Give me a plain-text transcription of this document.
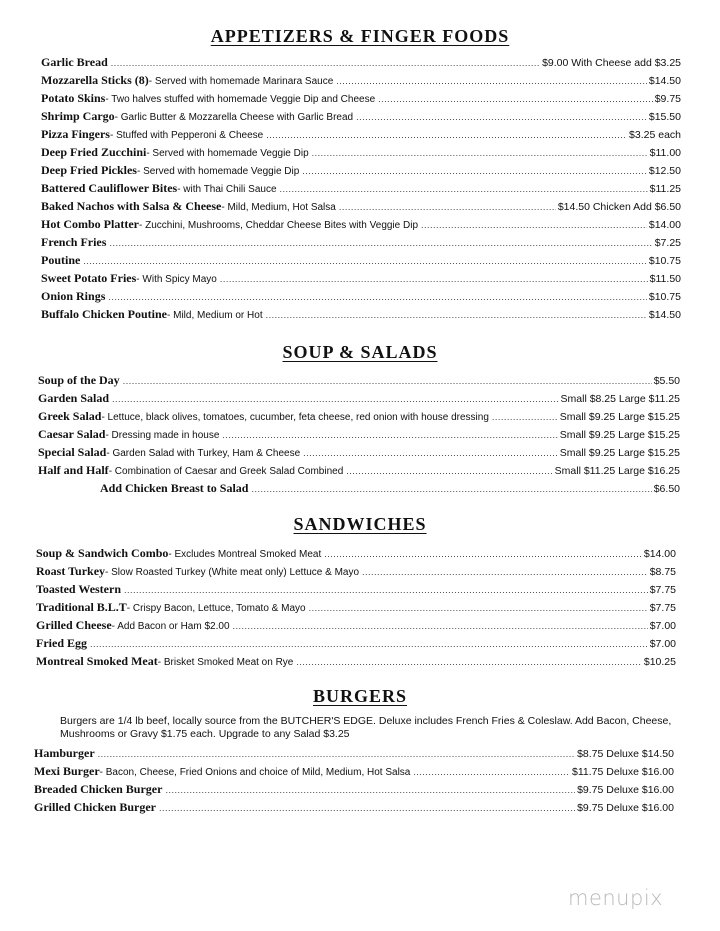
APPETIZERS & FINGER FOODS
Garlic Bread .....	$9.00 With Cheese add $3.25
Mozzarella Sticks (8) - Served with homemade Marinara Sauce .....	$14.50
Potato Skins - Two halves stuffed with homemade Veggie Dip and Cheese .....	$9.75
Shrimp Cargo - Garlic Butter & Mozzarella Cheese with Garlic Bread .....	$15.50
Pizza Fingers - Stuffed with Pepperoni & Cheese .....	$3.25 each
Deep Fried Zucchini - Served with homemade Veggie Dip .....	$11.00
Deep Fried Pickles - Served with homemade Veggie Dip .....	$12.50
Battered Cauliflower Bites - with Thai Chili Sauce .....	$11.25
Baked Nachos with Salsa & Cheese - Mild, Medium, Hot Salsa .....	$14.50 Chicken Add $6.50
Hot Combo Platter - Zucchini, Mushrooms, Cheddar Cheese Bites with Veggie Dip .....	$14.00
French Fries .....	$7.25
Poutine .....	$10.75
Sweet Potato Fries - With Spicy Mayo .....	$11.50
Onion Rings .....	$10.75
Buffalo Chicken Poutine - Mild, Medium or Hot .....	$14.50
SOUP & SALADS
Soup of the Day .....	$5.50
Garden Salad .....	Small $8.25 Large $11.25
Greek Salad - Lettuce, black olives, tomatoes, cucumber, feta cheese, red onion with house dressing .....	Small $9.25 Large $15.25
Caesar Salad - Dressing made in house .....	Small $9.25 Large $15.25
Special Salad - Garden Salad with Turkey, Ham & Cheese .....	Small $9.25 Large $15.25
Half and Half - Combination of Caesar and Greek Salad Combined .....	Small $11.25 Large $16.25
Add Chicken Breast to Salad .....	$6.50
SANDWICHES
Soup & Sandwich Combo - Excludes Montreal Smoked Meat .....	$14.00
Roast Turkey - Slow Roasted Turkey (White meat only) Lettuce & Mayo .....	$8.75
Toasted Western .....	$7.75
Traditional B.L.T - Crispy Bacon, Lettuce, Tomato & Mayo .....	$7.75
Grilled Cheese - Add Bacon or Ham $2.00 .....	$7.00
Fried Egg .....	$7.00
Montreal Smoked Meat - Brisket Smoked Meat on Rye .....	$10.25
BURGERS
Burgers are 1/4 lb beef, locally source from the BUTCHER'S EDGE. Deluxe includes French Fries & Coleslaw. Add Bacon, Cheese, Mushrooms or Gravy $1.75 each. Upgrade to any Salad $3.25
Hamburger .....	$8.75 Deluxe $14.50
Mexi Burger - Bacon, Cheese, Fried Onions and choice of Mild, Medium, Hot Salsa .....	$11.75 Deluxe $16.00
Breaded Chicken Burger .....	$9.75 Deluxe $16.00
Grilled Chicken Burger .....	$9.75 Deluxe $16.00
menupix
